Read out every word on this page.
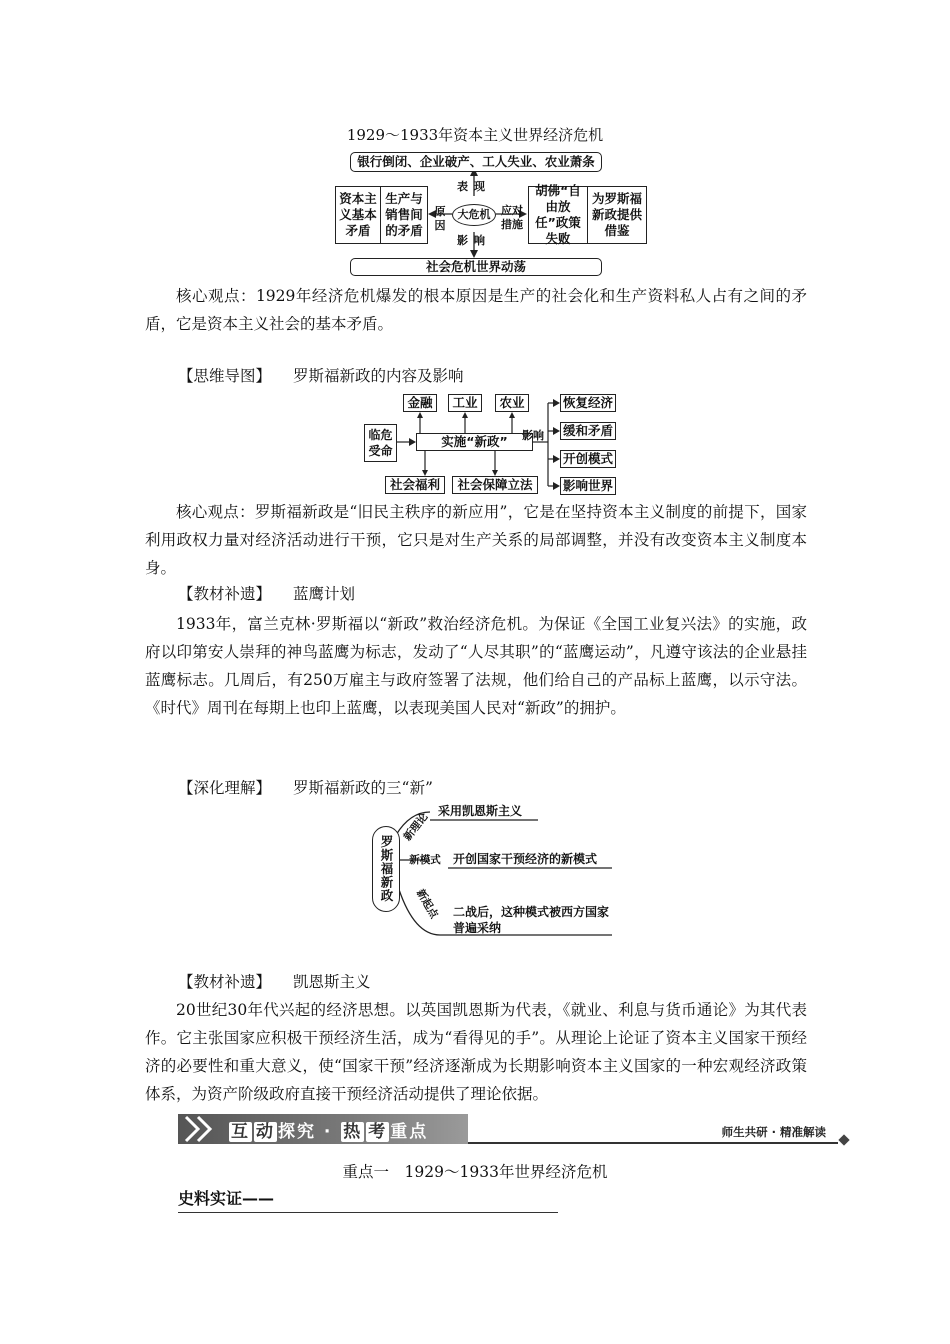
1929～1933年资本主义世界经济危机
银行倒闭、企业破产、工人失业、农业萧条
资本主义基本矛盾
生产与销售间的矛盾
胡佛“自由放任”政策失败
为罗斯福新政提供借鉴
大危机
表现
影响
原因
应对措施
社会危机世界动荡

核心观点：1929年经济危机爆发的根本原因是生产的社会化和生产资料私人占有之间的矛盾，它是资本主义社会的基本矛盾。

【思维导图】 罗斯福新政的内容及影响
临危受命
实施“新政”	影响
金融	工业	农业
社会福利	社会保障立法
恢复经济
缓和矛盾
开创模式
影响世界

核心观点：罗斯福新政是“旧民主秩序的新应用”，它是在坚持资本主义制度的前提下，国家利用政权力量对经济活动进行干预，它只是对生产关系的局部调整，并没有改变资本主义制度本身。

【教材补遗】 蓝鹰计划

1933年，富兰克林·罗斯福以“新政”救治经济危机。为保证《全国工业复兴法》的实施，政府以印第安人崇拜的神鸟蓝鹰为标志，发动了“人尽其职”的“蓝鹰运动”，凡遵守该法的企业悬挂蓝鹰标志。几周后，有250万雇主与政府签署了法规，他们给自己的产品标上蓝鹰，以示守法。《时代》周刊在每期上也印上蓝鹰，以表现美国人民对“新政”的拥护。

【深化理解】 罗斯福新政的三“新”
罗斯福新政
新理论
新模式
新起点
采用凯恩斯主义
开创国家干预经济的新模式
二战后，这种模式被西方国家普遍采纳
【教材补遗】 凯恩斯主义

20世纪30年代兴起的经济思想。以英国凯恩斯为代表，《就业、利息与货币通论》为其代表作。它主张国家应积极干预经济生活，成为“看得见的手”。从理论上论证了资本主义国家干预经济的必要性和重大意义，使“国家干预”经济逐渐成为长期影响资本主义国家的一种宏观经济政策体系，为资产阶级政府直接干预经济活动提供了理论依据。

互 动 探究 · 热 考 重点	师生共研 · 精准解读
重点一　1929～1933年世界经济危机
史料实证——
